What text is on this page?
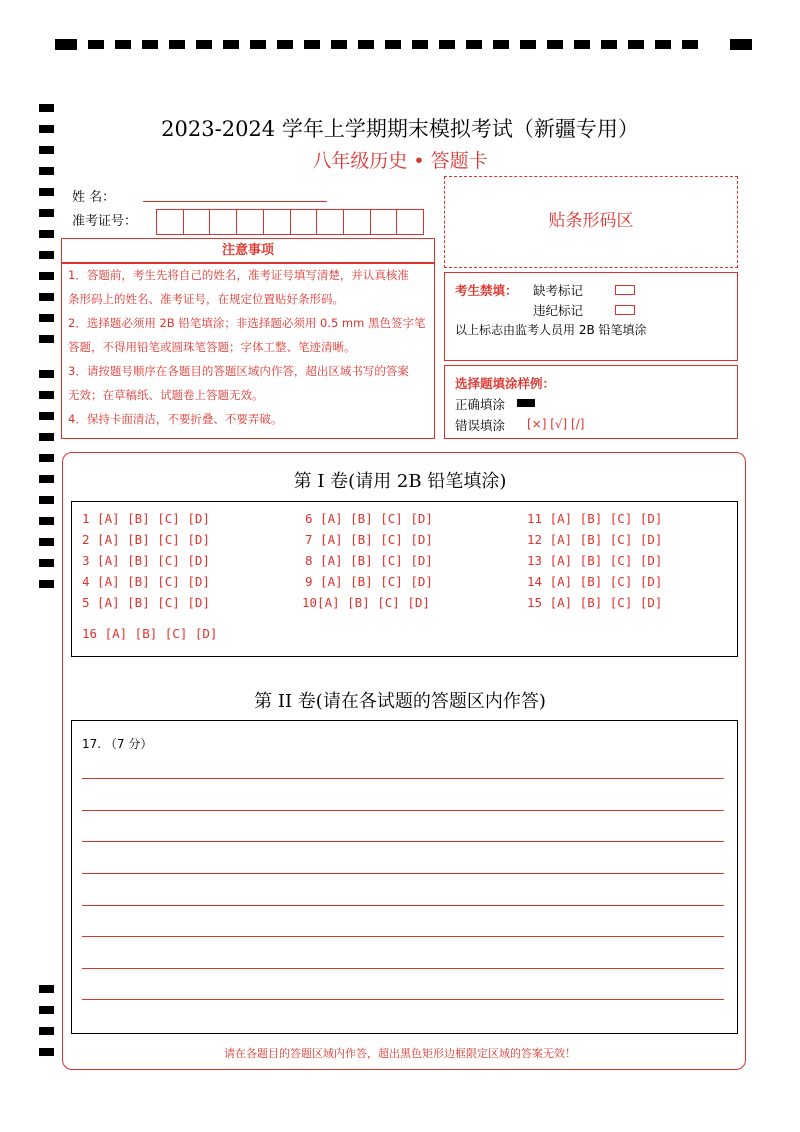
2023-2024 学年上学期期末模拟考试（新疆专用）
八年级历史 • 答题卡
姓 名：
准考证号：
注意事项

1．答题前，考生先将自己的姓名，准考证号填写清楚，并认真核准

条形码上的姓名、准考证号，在规定位置贴好条形码。

2．选择题必须用 2B 铅笔填涂；非选择题必须用 0.5 mm 黑色签字笔

答题，不得用铅笔或圆珠笔答题；字体工整、笔迹清晰。

3．请按题号顺序在各题目的答题区域内作答，超出区域书写的答案

无效；在草稿纸、试题卷上答题无效。

4．保持卡面清洁，不要折叠、不要弄破。

贴条形码区
考生禁填： 缺考标记
违纪标记
以上标志由监考人员用 2B 铅笔填涂
选择题填涂样例：
正确填涂
错误填涂 [×] [√] [/]
第 I 卷(请用 2B 铅笔填涂)
1 [A] [B] [C] [D]
2 [A] [B] [C] [D]
3 [A] [B] [C] [D]
4 [A] [B] [C] [D]
5 [A] [B] [C] [D]
6 [A] [B] [C] [D]
7 [A] [B] [C] [D]
8 [A] [B] [C] [D]
9 [A] [B] [C] [D]
10[A] [B] [C] [D]
11 [A] [B] [C] [D]
12 [A] [B] [C] [D]
13 [A] [B] [C] [D]
14 [A] [B] [C] [D]
15 [A] [B] [C] [D]
16 [A] [B] [C] [D]
第 II 卷(请在各试题的答题区内作答)
17. （7 分）
请在各题目的答题区域内作答，超出黑色矩形边框限定区域的答案无效！
